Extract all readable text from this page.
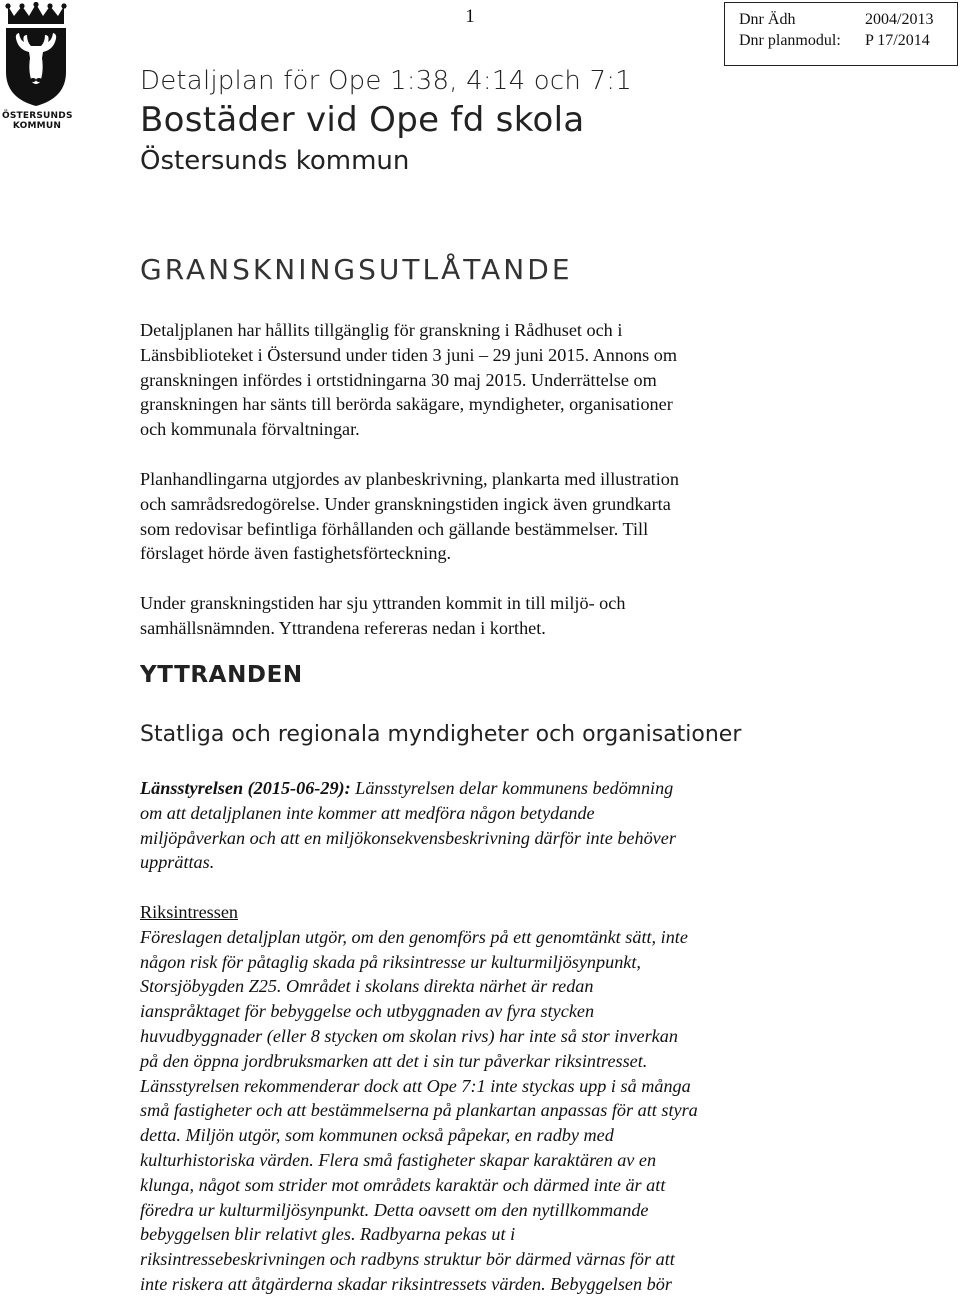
ÖSTERSUNDS
KOMMUN
1	Dnr Ädh	2004/2013
Dnr planmodul:	P 17/2014
Detaljplan för Ope 1:38, 4:14 och 7:1
Bostäder vid Ope fd skola
Östersunds kommun
GRANSKNINGSUTLÅTANDE

Detaljplanen har hållits tillgänglig för granskning i Rådhuset och i
Länsbiblioteket i Östersund under tiden 3 juni – 29 juni 2015. Annons om
granskningen infördes i ortstidningarna 30 maj 2015. Underrättelse om
granskningen har sänts till berörda sakägare, myndigheter, organisationer
och kommunala förvaltningar.

Planhandlingarna utgjordes av planbeskrivning, plankarta med illustration
och samrådsredogörelse. Under granskningstiden ingick även grundkarta
som redovisar befintliga förhållanden och gällande bestämmelser. Till
förslaget hörde även fastighetsförteckning.

Under granskningstiden har sju yttranden kommit in till miljö- och
samhällsnämnden. Yttrandena refereras nedan i korthet.

YTTRANDEN
Statliga och regionala myndigheter och organisationer

Länsstyrelsen (2015-06-29): Länsstyrelsen delar kommunens bedömning
om att detaljplanen inte kommer att medföra någon betydande
miljöpåverkan och att en miljökonsekvensbeskrivning därför inte behöver
upprättas.

Riksintressen
Föreslagen detaljplan utgör, om den genomförs på ett genomtänkt sätt, inte
någon risk för påtaglig skada på riksintresse ur kulturmiljösynpunkt,
Storsjöbygden Z25. Området i skolans direkta närhet är redan
ianspråktaget för bebyggelse och utbyggnaden av fyra stycken
huvudbyggnader (eller 8 stycken om skolan rivs) har inte så stor inverkan
på den öppna jordbruksmarken att det i sin tur påverkar riksintresset.
Länsstyrelsen rekommenderar dock att Ope 7:1 inte styckas upp i så många
små fastigheter och att bestämmelserna på plankartan anpassas för att styra
detta. Miljön utgör, som kommunen också påpekar, en radby med
kulturhistoriska värden. Flera små fastigheter skapar karaktären av en
klunga, något som strider mot områdets karaktär och därmed inte är att
föredra ur kulturmiljösynpunkt. Detta oavsett om den nytillkommande
bebyggelsen blir relativt gles. Radbyarna pekas ut i
riksintressebeskrivningen och radbyns struktur bör därmed värnas för att
inte riskera att åtgärderna skadar riksintressets värden. Bebyggelsen bör
